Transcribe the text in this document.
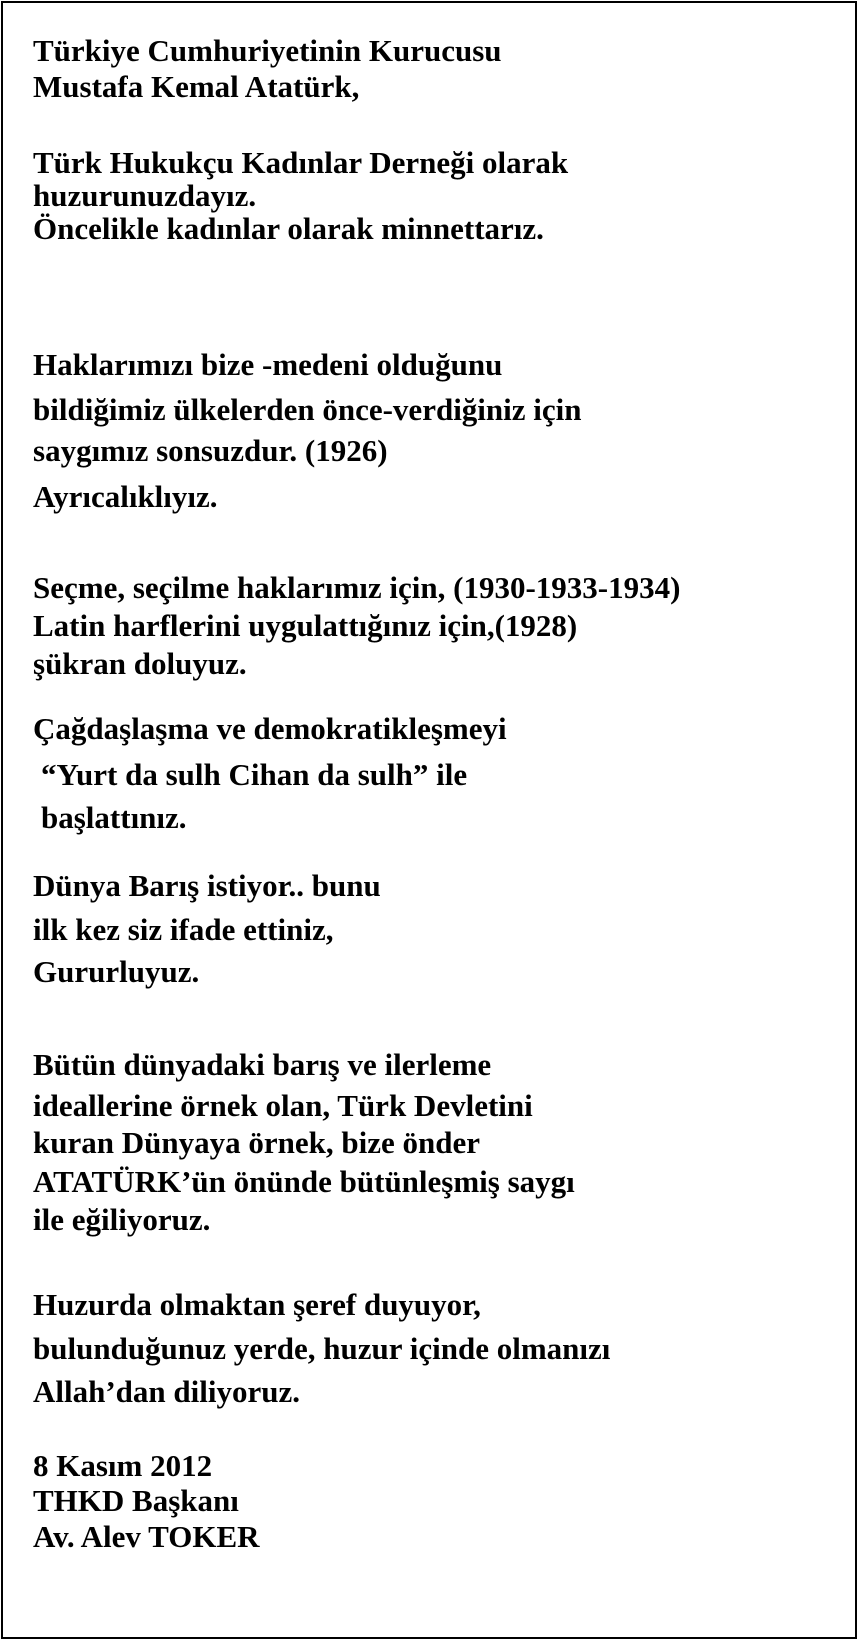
Türkiye Cumhuriyetinin Kurucusu

Mustafa Kemal Atatürk,

Türk Hukukçu Kadınlar Derneği olarak

huzurunuzdayız.

Öncelikle kadınlar olarak minnettarız.

Haklarımızı bize -medeni olduğunu

bildiğimiz ülkelerden önce-verdiğiniz için

saygımız sonsuzdur. (1926)

Ayrıcalıklıyız.

Seçme, seçilme haklarımız için, (1930-1933-1934)

Latin harflerini uygulattığınız için,(1928)

şükran doluyuz.

Çağdaşlaşma ve demokratikleşmeyi

“Yurt da sulh Cihan da sulh” ile

başlattınız.

Dünya Barış istiyor.. bunu

ilk kez siz ifade ettiniz,

Gururluyuz.

Bütün dünyadaki barış ve ilerleme

ideallerine örnek olan, Türk Devletini

kuran Dünyaya örnek, bize önder

ATATÜRK’ün önünde bütünleşmiş saygı

ile eğiliyoruz.

Huzurda olmaktan şeref duyuyor,

bulunduğunuz yerde, huzur içinde olmanızı

Allah’dan diliyoruz.

8 Kasım 2012

THKD Başkanı

Av. Alev TOKER
